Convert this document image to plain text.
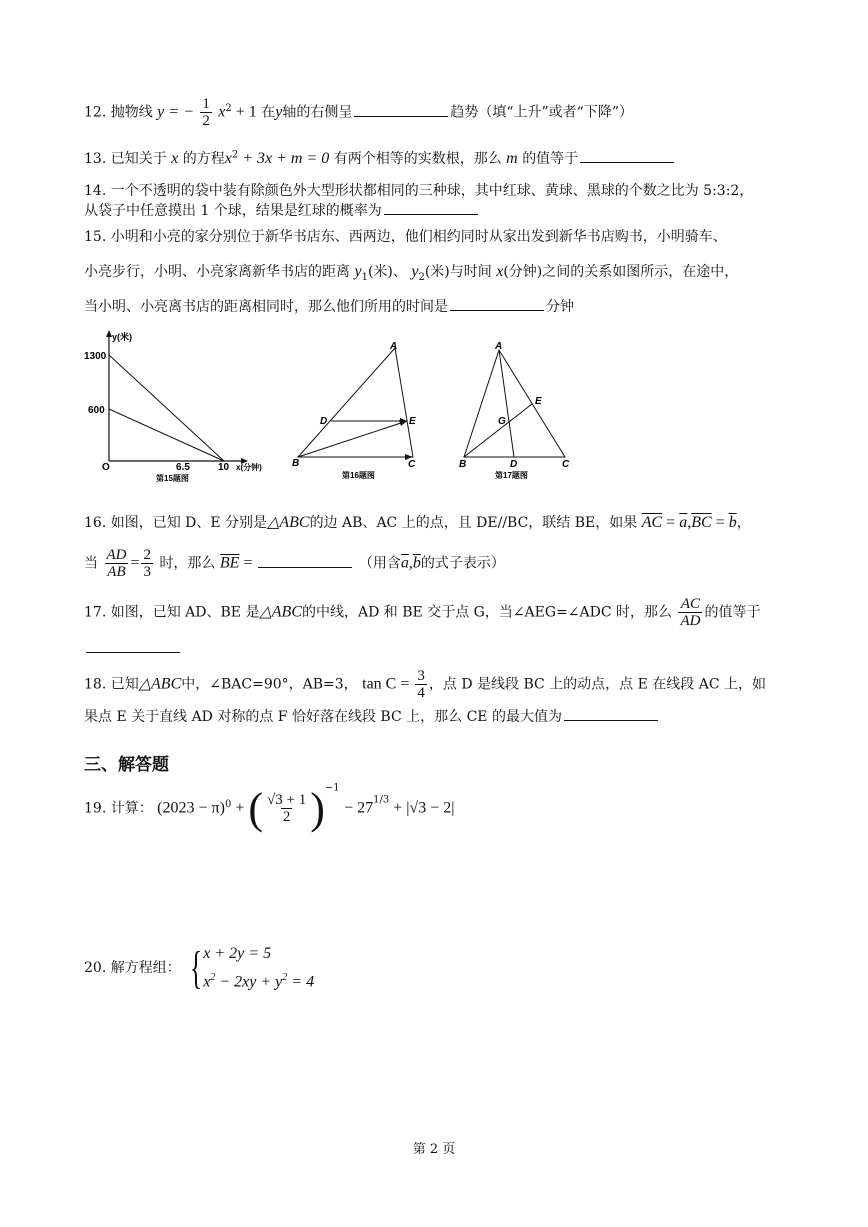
12. 抛物线 y = − $\frac{1}{2} x^2 + 1$ 在y轴的右侧呈	趋势（填“上升”或者“下降”）
13. 已知关于 x 的方程$x^2 + 3x + m = 0$ 有两个相等的实数根，那么 m 的值等于
14. 一个不透明的袋中装有除颜色外大型形状都相同的三种球，其中红球、黄球、黑球的个数之比为 5:3:2，
从袋子中任意摸出 1 个球，结果是红球的概率为
15. 小明和小亮的家分别位于新华书店东、西两边，他们相约同时从家出发到新华书店购书，小明骑车、
小亮步行，小明、小亮家离新华书店的距离 $y_1$(米)、 $y_2$(米)与时间 x(分钟)之间的关系如图所示，在途中，
当小明、小亮离书店的距离相同时，那么他们所用的时间是	分钟
y(米)
1300
600
O	6.5	10 x(分钟)
第15题图
A
B	C
D	E
第16题图
A
B	C
D
E
G
第17题图
16. 如图，已知 D、E 分别是△ABC的边 AB、AC 上的点，且 DE//BC，联结 BE，如果 $\overline{AC} = \overline{a},\overline{BC} = \overline{b}$，
当 $\frac{AD}{AB} = \frac{2}{3}$ 时，那么 $\overline{BE}$ =	（用含$\overline{a},\overline{b}$的式子表示）
17. 如图，已知 AD、BE 是△ABC的中线，AD 和 BE 交于点 G，当∠AEG=∠ADC 时，那么 $\frac{AC}{AD}$ 的值等于
18. 已知△ABC中，∠BAC=90°，AB=3， $\tan C = \frac{3}{4}$ ，点 D 是线段 BC 上的动点，点 E 在线段 AC 上，如
果点 E 关于直线 AD 对称的点 F 恰好落在线段 BC 上，那么 CE 的最大值为
三、解答题
19. 计算： $(2023 - \pi)^0$ + ( $\frac{√3 + 1}{2} )^{-1} - 27^{1/3} + |√3 - 2|$
20. 解方程组： { x + 2y = 5
$x^2 - 2xy + y^2 = 4$
第 2 页
